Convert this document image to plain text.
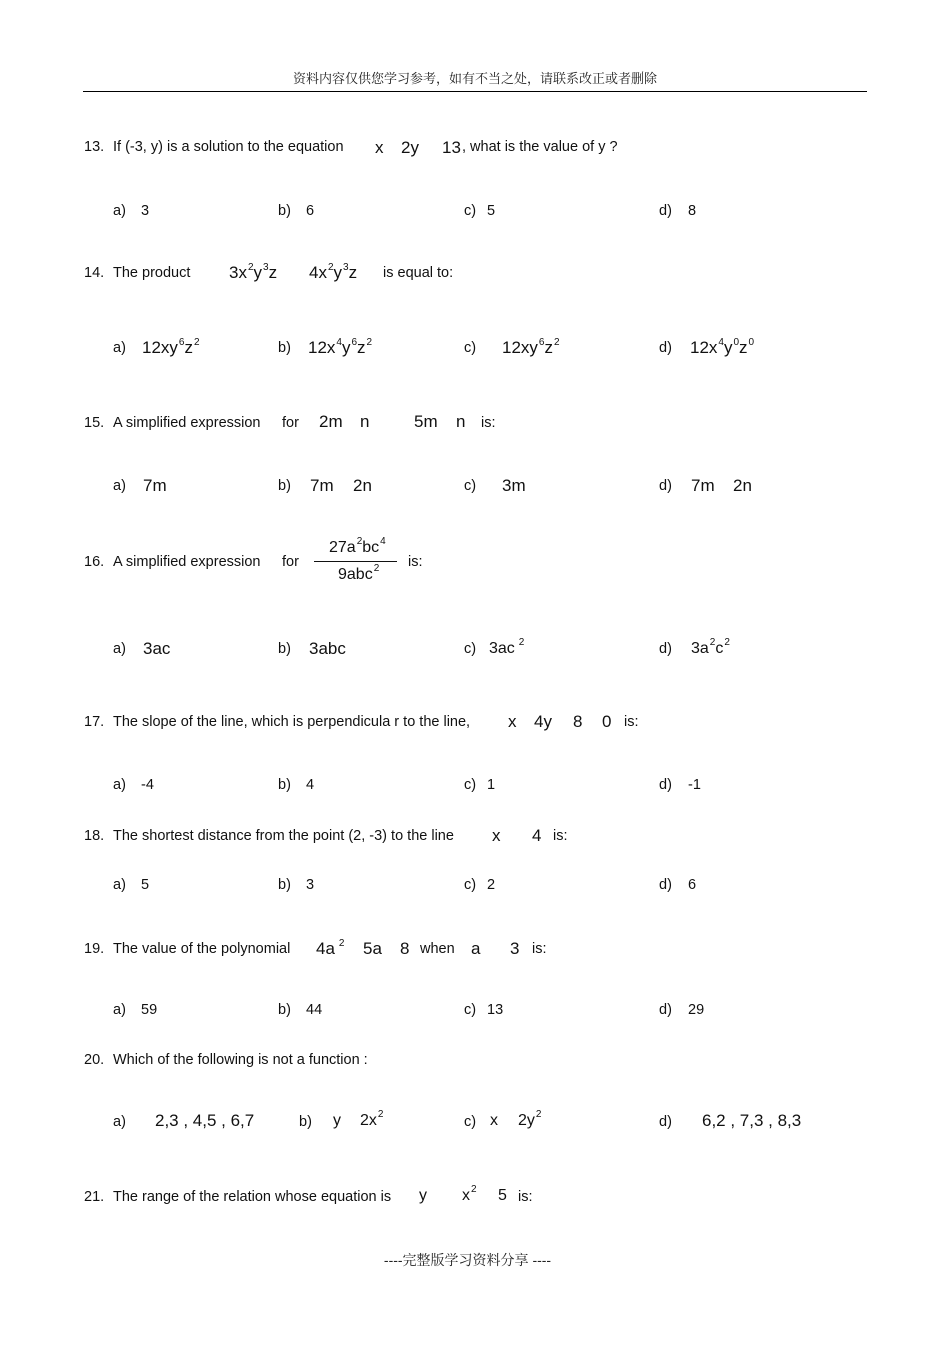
资料内容仅供您学习参考，如有不当之处，请联系改正或者删除
----完整版学习资料分享 ----
13. If (-3, y) is a solution to the equation x 2y 13 , what is the value of y ?
a) 3	b) 6	c) 5	d) 8
14. The product $3x^2y^3z$ $4x^2y^3z$ is equal to:
a) $12xy^6z^2$	b) $12x^4y^6z^2$	c) $12xy^6z^2$	d) $12x^4y^0z^0$
15. A simplified expression for 2m n	5m n is:
a) 7m	b) 7m 2n	c) 3m	d) 7m 2n
16. A simplified expression for
$27a^2bc^4$
9abc$^2$ is:
a) 3ac	b) 3abc	c) 3ac $^2$	d) $3a^2c^2$
17. The slope of the line, which is perpendicula r to the line, x 4y 8 0 is:
a) -4	b) 4	c) 1	d) -1
18. The shortest distance from the point (2, -3) to the line x 4 is:
a) 5	b) 3	c) 2	d) 6
19. The value of the polynomial 4a $^2$ 5a 8 when a 3 is:
a) 59	b) 44	c) 13	d) 29
20. Which of the following is not a function :
a) 2,3 , 4,5 , 6,7	b) y $2x^2$	c) x $2y^2$	d) 6,2 , 7,3 , 8,3
21. The range of the relation whose equation is y $x^2$ 5 is:
